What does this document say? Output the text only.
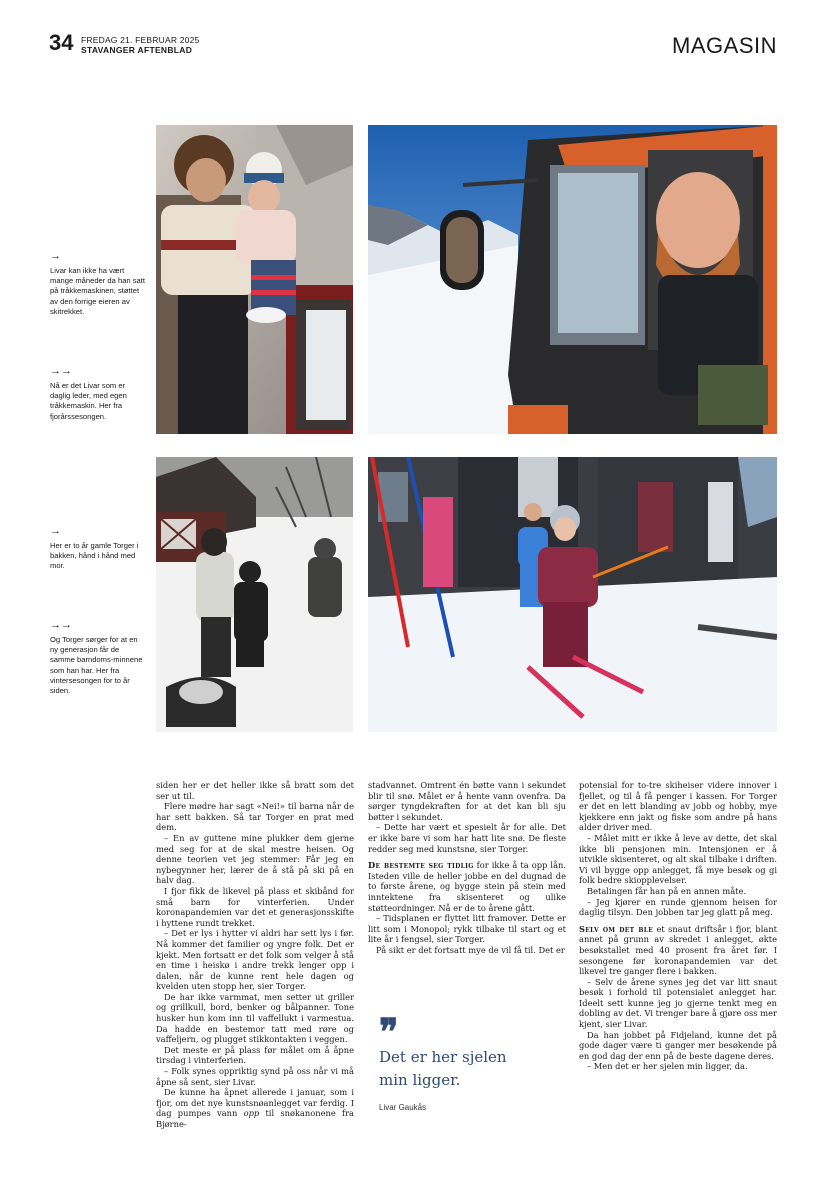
34 FREDAG 21. FEBRUAR 2025
STAVANGER AFTENBLAD	MAGASIN
→
Livar kan ikke ha vært mange måneder da han satt på tråkkemaskinen, støttet av den forrige eieren av skitrekket.
→→
Nå er det Livar som er daglig leder, med egen tråkkemaskin. Her fra fjorårssesongen.
→
Her er to år gamle Torger i bakken, hånd i hånd med mor.
→→
Og Torger sørger for at en ny generasjon får de samme barndoms-minnene som han har. Her fra vintersesongen for to år siden.

siden her er det heller ikke så bratt som det ser ut til.

Flere mødre har sagt «Nei!» til barna når de har sett bakken. Så tar Torger en prat med dem.

– En av guttene mine plukker dem gjerne med seg for at de skal mestre heisen. Og denne teorien vet jeg stemmer: Får jeg en nybegynner her, lærer de å stå på ski på en halv dag.

I fjor fikk de likevel på plass et skibånd for små barn for vinterferien. Under koronapandemien var det et generasjonsskifte i hyttene rundt trekket.

– Det er lys i hytter vi aldri har sett lys i før. Nå kommer det familier og yngre folk. Det er kjekt. Men fortsatt er det folk som velger å stå en time i heiskø i andre trekk lenger opp i dalen, når de kunne rent hele dagen og kvelden uten stopp her, sier Torger.

De har ikke varmmat, men setter ut griller og grillkull, bord, benker og bålpanner. Tone husker hun kom inn til vaffellukt i varmestua. Da hadde en bestemor tatt med røre og vaffeljern, og plugget stikkontakten i veggen.

Det meste er på plass før målet om å åpne tirsdag i vinterferien.

– Folk synes oppriktig synd på oss når vi må åpne så sent, sier Livar.

De kunne ha åpnet allerede i januar, som i fjor, om det nye kunstsnøanlegget var ferdig. I dag pumpes vann opp til snøkanonene fra Bjørne-

stadvannet. Omtrent én bøtte vann i sekundet blir til snø. Målet er å hente vann ovenfra. Da sørger tyngdekraften for at det kan bli sju bøtter i sekundet.

– Dette har vært et spesielt år for alle. Det er ikke bare vi som har hatt lite snø. De fleste redder seg med kunstsnø, sier Torger.

De bestemte seg tidlig for ikke å ta opp lån. Isteden ville de heller jobbe en del dugnad de to første årene, og bygge stein på stein med inntektene fra skisenteret og ulike støtteordninger. Nå er de to årene gått.

– Tidsplanen er flyttet litt framover. Dette er litt som i Monopol; rykk tilbake til start og et lite år i fengsel, sier Torger.

På sikt er det fortsatt mye de vil få til. Det er

❞
Det er her sjelen min ligger.
Livar Gaukås

potensial for to-tre skiheiser videre innover i fjellet, og til å få penger i kassen. For Torger er det en lett blanding av jobb og hobby, mye kjekkere enn jakt og fiske som andre på hans alder driver med.

– Målet mitt er ikke å leve av dette, det skal ikke bli pensjonen min. Intensjonen er å utvikle skisenteret, og alt skal tilbake i driften. Vi vil bygge opp anlegget, få mye besøk og gi folk bedre skiopplevelser.

Betalingen får han på en annen måte.

– Jeg kjører en runde gjennom heisen for daglig tilsyn. Den jobben tar jeg glatt på meg.

Selv om det ble et snaut driftsår i fjor, blant annet på grunn av skredet i anlegget, økte besøkstallet med 40 prosent fra året før. I sesongene før koronapandemien var det likevel tre ganger flere i bakken.

– Selv de årene synes jeg det var litt snaut besøk i forhold til potensialet anlegget har. Ideelt sett kunne jeg jo gjerne tenkt meg en dobling av det. Vi trenger bare å gjøre oss mer kjent, sier Livar.

Da han jobbet på Fidjeland, kunne det på gode dager være ti ganger mer besøkende på en god dag der enn på de beste dagene deres.

– Men det er her sjelen min ligger, da.
